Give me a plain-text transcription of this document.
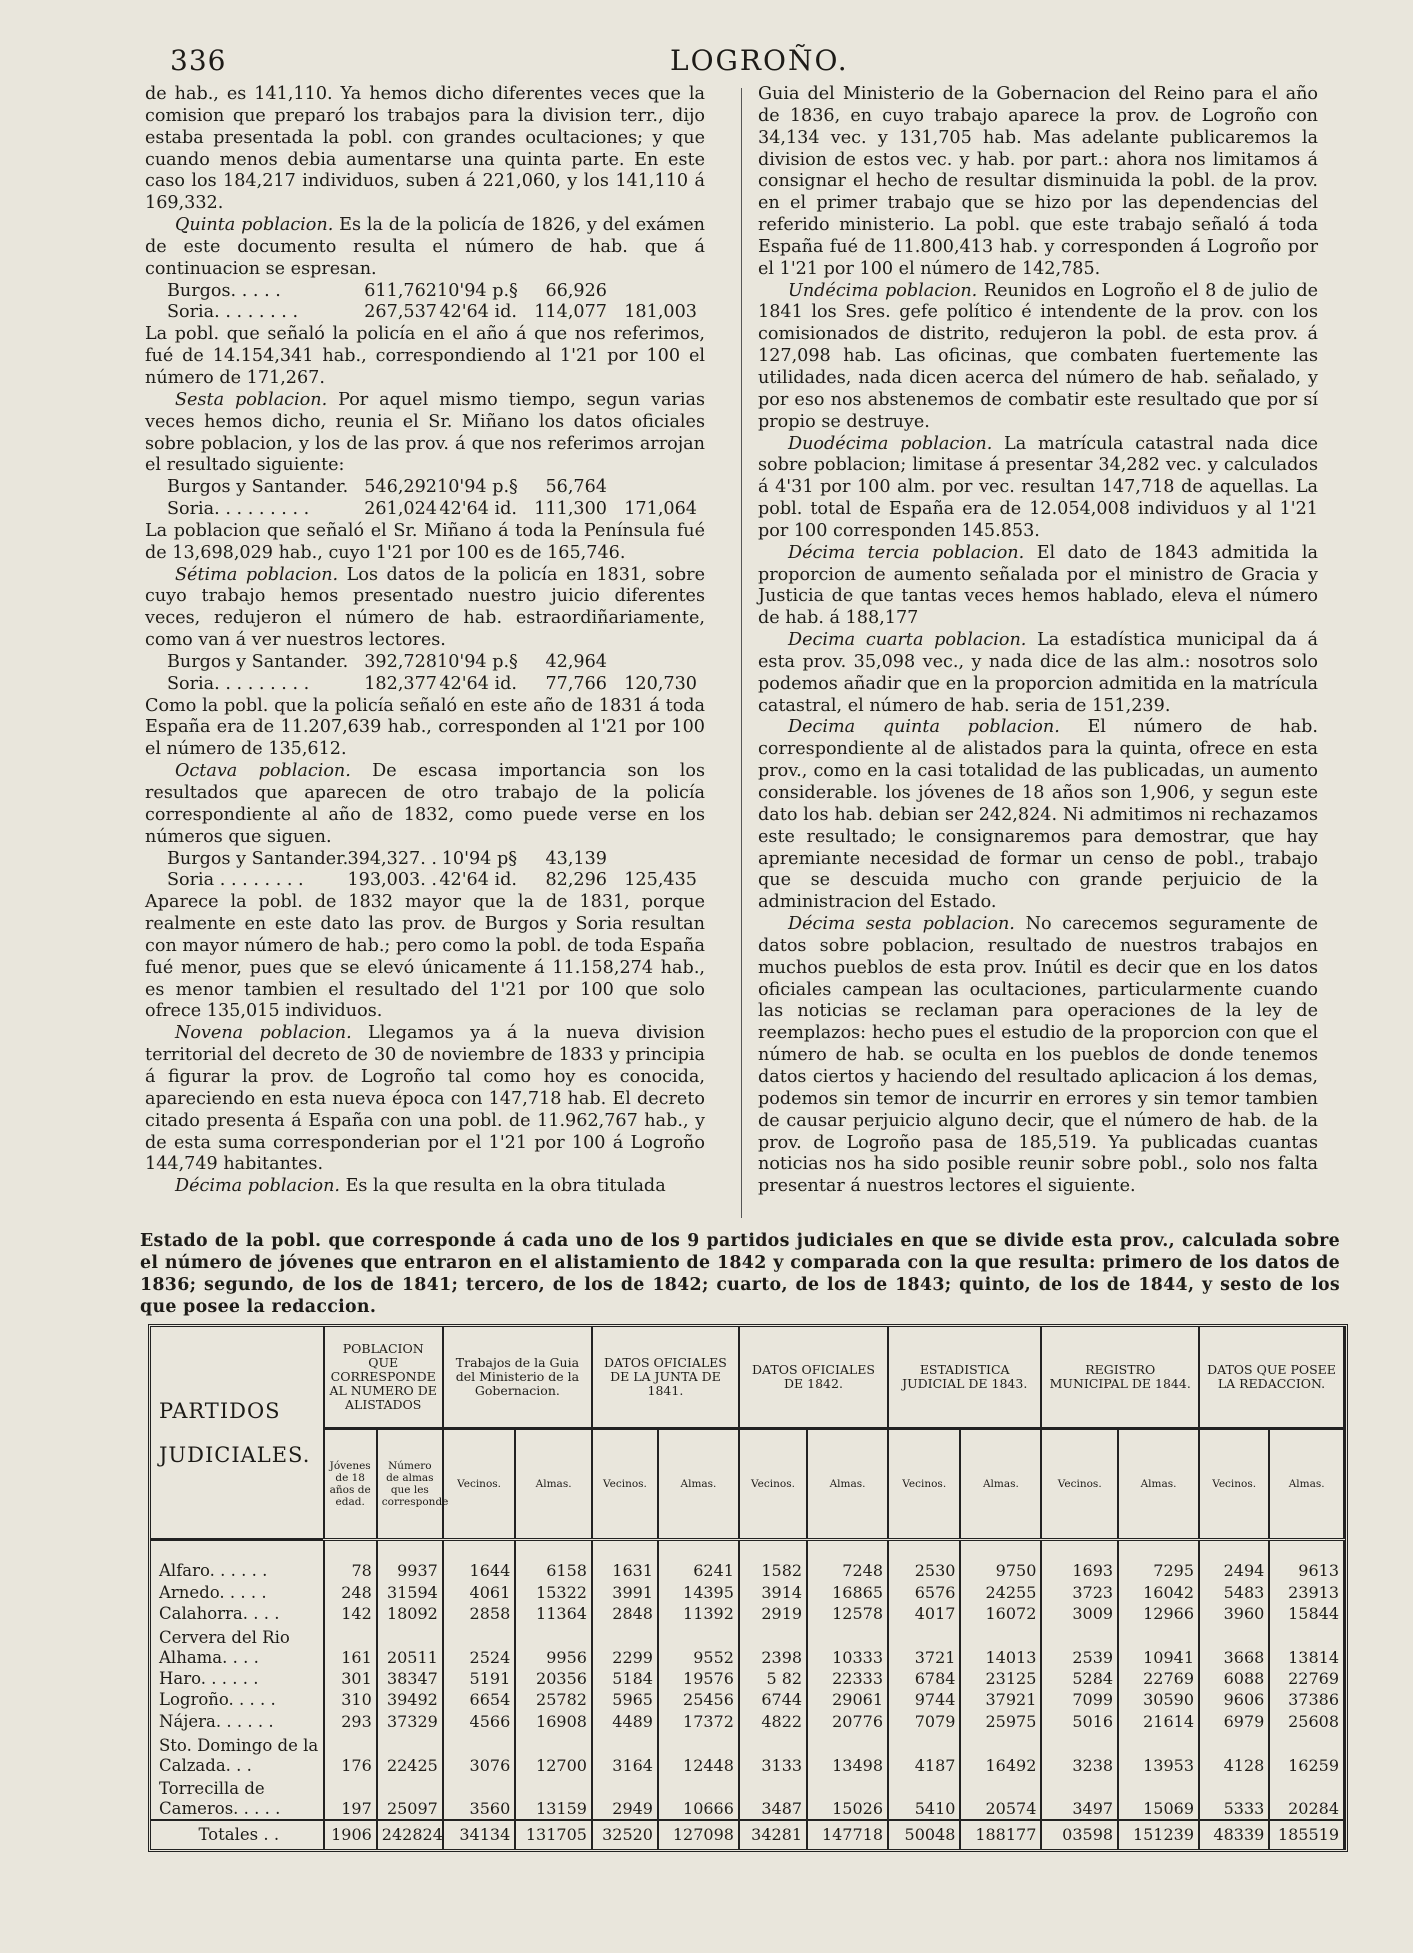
336	LOGROÑO.

de hab., es 141,110. Ya hemos dicho diferentes veces que la comision que preparó los trabajos para la division terr., dijo estaba presentada la pobl. con grandes ocultaciones; y que cuando menos debia aumentarse una quinta parte. En este caso los 184,217 individuos, suben á 221,060, y los 141,110 á 169,332.

Quinta poblacion. Es la de la policía de 1826, y del exámen de este documento resulta el número de hab. que á continuacion se espresan.

Burgos. . . . .	611,762 10'94 p.§	66,926
Soria. . . . . . . .	267,537 42'64 id. 114,077 181,003

La pobl. que señaló la policía en el año á que nos referimos, fué de 14.154,341 hab., correspondiendo al 1'21 por 100 el número de 171,267.

Sesta poblacion. Por aquel mismo tiempo, segun varias veces hemos dicho, reunia el Sr. Miñano los datos oficiales sobre poblacion, y los de las prov. á que nos referimos arrojan el resultado siguiente:

Burgos y Santander. 546,292 10'94 p.§	56,764
Soria. . . . . . . . .	261,024 42'64 id. 111,300 171,064

La poblacion que señaló el Sr. Miñano á toda la Península fué de 13,698,029 hab., cuyo 1'21 por 100 es de 165,746.

Sétima poblacion. Los datos de la policía en 1831, sobre cuyo trabajo hemos presentado nuestro juicio diferentes veces, redujeron el número de hab. estraordiñariamente, como van á ver nuestros lectores.

Burgos y Santander. 392,728 10'94 p.§	42,964
Soria. . . . . . . . .	182,377 42'64 id.	77,766 120,730

Como la pobl. que la policía señaló en este año de 1831 á toda España era de 11.207,639 hab., corresponden al 1'21 por 100 el número de 135,612.

Octava poblacion. De escasa importancia son los resultados que aparecen de otro trabajo de la policía correspondiente al año de 1832, como puede verse en los números que siguen.

Burgos y Santander. 394,327. . 10'94 p§	43,139
Soria . . . . . . . .	193,003. . 42'64 id.	82,296 125,435

Aparece la pobl. de 1832 mayor que la de 1831, porque realmente en este dato las prov. de Burgos y Soria resultan con mayor número de hab.; pero como la pobl. de toda España fué menor, pues que se elevó únicamente á 11.158,274 hab., es menor tambien el resultado del 1'21 por 100 que solo ofrece 135,015 individuos.

Novena poblacion. Llegamos ya á la nueva division territorial del decreto de 30 de noviembre de 1833 y principia á figurar la prov. de Logroño tal como hoy es conocida, apareciendo en esta nueva época con 147,718 hab. El decreto citado presenta á España con una pobl. de 11.962,767 hab., y de esta suma corresponderian por el 1'21 por 100 á Logroño 144,749 habitantes.

Décima poblacion. Es la que resulta en la obra titulada

Guia del Ministerio de la Gobernacion del Reino para el año de 1836, en cuyo trabajo aparece la prov. de Logroño con 34,134 vec. y 131,705 hab. Mas adelante publicaremos la division de estos vec. y hab. por part.: ahora nos limitamos á consignar el hecho de resultar disminuida la pobl. de la prov. en el primer trabajo que se hizo por las dependencias del referido ministerio. La pobl. que este trabajo señaló á toda España fué de 11.800,413 hab. y corresponden á Logroño por el 1'21 por 100 el número de 142,785.

Undécima poblacion. Reunidos en Logroño el 8 de julio de 1841 los Sres. gefe político é intendente de la prov. con los comisionados de distrito, redujeron la pobl. de esta prov. á 127,098 hab. Las oficinas, que combaten fuertemente las utilidades, nada dicen acerca del número de hab. señalado, y por eso nos abstenemos de combatir este resultado que por sí propio se destruye.

Duodécima poblacion. La matrícula catastral nada dice sobre poblacion; limitase á presentar 34,282 vec. y calculados á 4'31 por 100 alm. por vec. resultan 147,718 de aquellas. La pobl. total de España era de 12.054,008 individuos y al 1'21 por 100 corresponden 145.853.

Décima tercia poblacion. El dato de 1843 admitida la proporcion de aumento señalada por el ministro de Gracia y Justicia de que tantas veces hemos hablado, eleva el número de hab. á 188,177

Decima cuarta poblacion. La estadística municipal da á esta prov. 35,098 vec., y nada dice de las alm.: nosotros solo podemos añadir que en la proporcion admitida en la matrícula catastral, el número de hab. seria de 151,239.

Decima quinta poblacion. El número de hab. correspondiente al de alistados para la quinta, ofrece en esta prov., como en la casi totalidad de las publicadas, un aumento considerable. los jóvenes de 18 años son 1,906, y segun este dato los hab. debian ser 242,824. Ni admitimos ni rechazamos este resultado; le consignaremos para demostrar, que hay apremiante necesidad de formar un censo de pobl., trabajo que se descuida mucho con grande perjuicio de la administracion del Estado.

Décima sesta poblacion. No carecemos seguramente de datos sobre poblacion, resultado de nuestros trabajos en muchos pueblos de esta prov. Inútil es decir que en los datos oficiales campean las ocultaciones, particularmente cuando las noticias se reclaman para operaciones de la ley de reemplazos: hecho pues el estudio de la proporcion con que el número de hab. se oculta en los pueblos de donde tenemos datos ciertos y haciendo del resultado aplicacion á los demas, podemos sin temor de incurrir en errores y sin temor tambien de causar perjuicio alguno decir, que el número de hab. de la prov. de Logroño pasa de 185,519. Ya publicadas cuantas noticias nos ha sido posible reunir sobre pobl., solo nos falta presentar á nuestros lectores el siguiente.

Estado de la pobl. que corresponde á cada uno de los 9 partidos judiciales en que se divide esta prov., calculada sobre el número de jóvenes que entraron en el alistamiento de 1842 y comparada con la que resulta: primero de los datos de 1836; segundo, de los de 1841; tercero, de los de 1842; cuarto, de los de 1843; quinto, de los de 1844, y sesto de los que posee la redaccion.
PARTIDOS JUDICIALES.	POBLACION QUE CORRESPONDE AL NUMERO DE ALISTADOS		Trabajos de la Guia del Ministerio de la Gobernacion.		DATOS OFICIALES DE LA JUNTA DE 1841.		DATOS OFICIALES DE 1842.		ESTADISTICA JUDICIAL DE 1843.		REGISTRO MUNICIPAL DE 1844.		DATOS QUE POSEE LA REDACCION.	
	Jóvenes de 18 años de edad.	Número de almas que les corresponde	Vecinos.	Almas.	Vecinos.	Almas.	Vecinos.	Almas.	Vecinos.	Almas.	Vecinos.	Almas.	Vecinos.	Almas.

Alfaro. . . . . .	78	9937	1644	6158	1631	6241	1582	7248	2530	9750	1693	7295	2494	9613
Arnedo. . . . .	248	31594	4061	15322	3991	14395	3914	16865	6576	24255	3723	16042	5483	23913
Calahorra. . . .	142	18092	2858	11364	2848	11392	2919	12578	4017	16072	3009	12966	3960	15844
Cervera del Rio Alhama. . . .	161	20511	2524	9956	2299	9552	2398	10333	3721	14013	2539	10941	3668	13814
Haro. . . . . .	301	38347	5191	20356	5184	19576	5 82	22333	6784	23125	5284	22769	6088	22769
Logroño. . . . .	310	39492	6654	25782	5965	25456	6744	29061	9744	37921	7099	30590	9606	37386
Nájera. . . . . .	293	37329	4566	16908	4489	17372	4822	20776	7079	25975	5016	21614	6979	25608
Sto. Domingo de la Calzada. . .	176	22425	3076	12700	3164	12448	3133	13498	4187	16492	3238	13953	4128	16259
Torrecilla de Cameros. . . . .	197	25097	3560	13159	2949	10666	3487	15026	5410	20574	3497	15069	5333	20284
Totales . .	1906	242824	34134	131705	32520	127098	34281	147718	50048	188177	03598	151239	48339	185519
